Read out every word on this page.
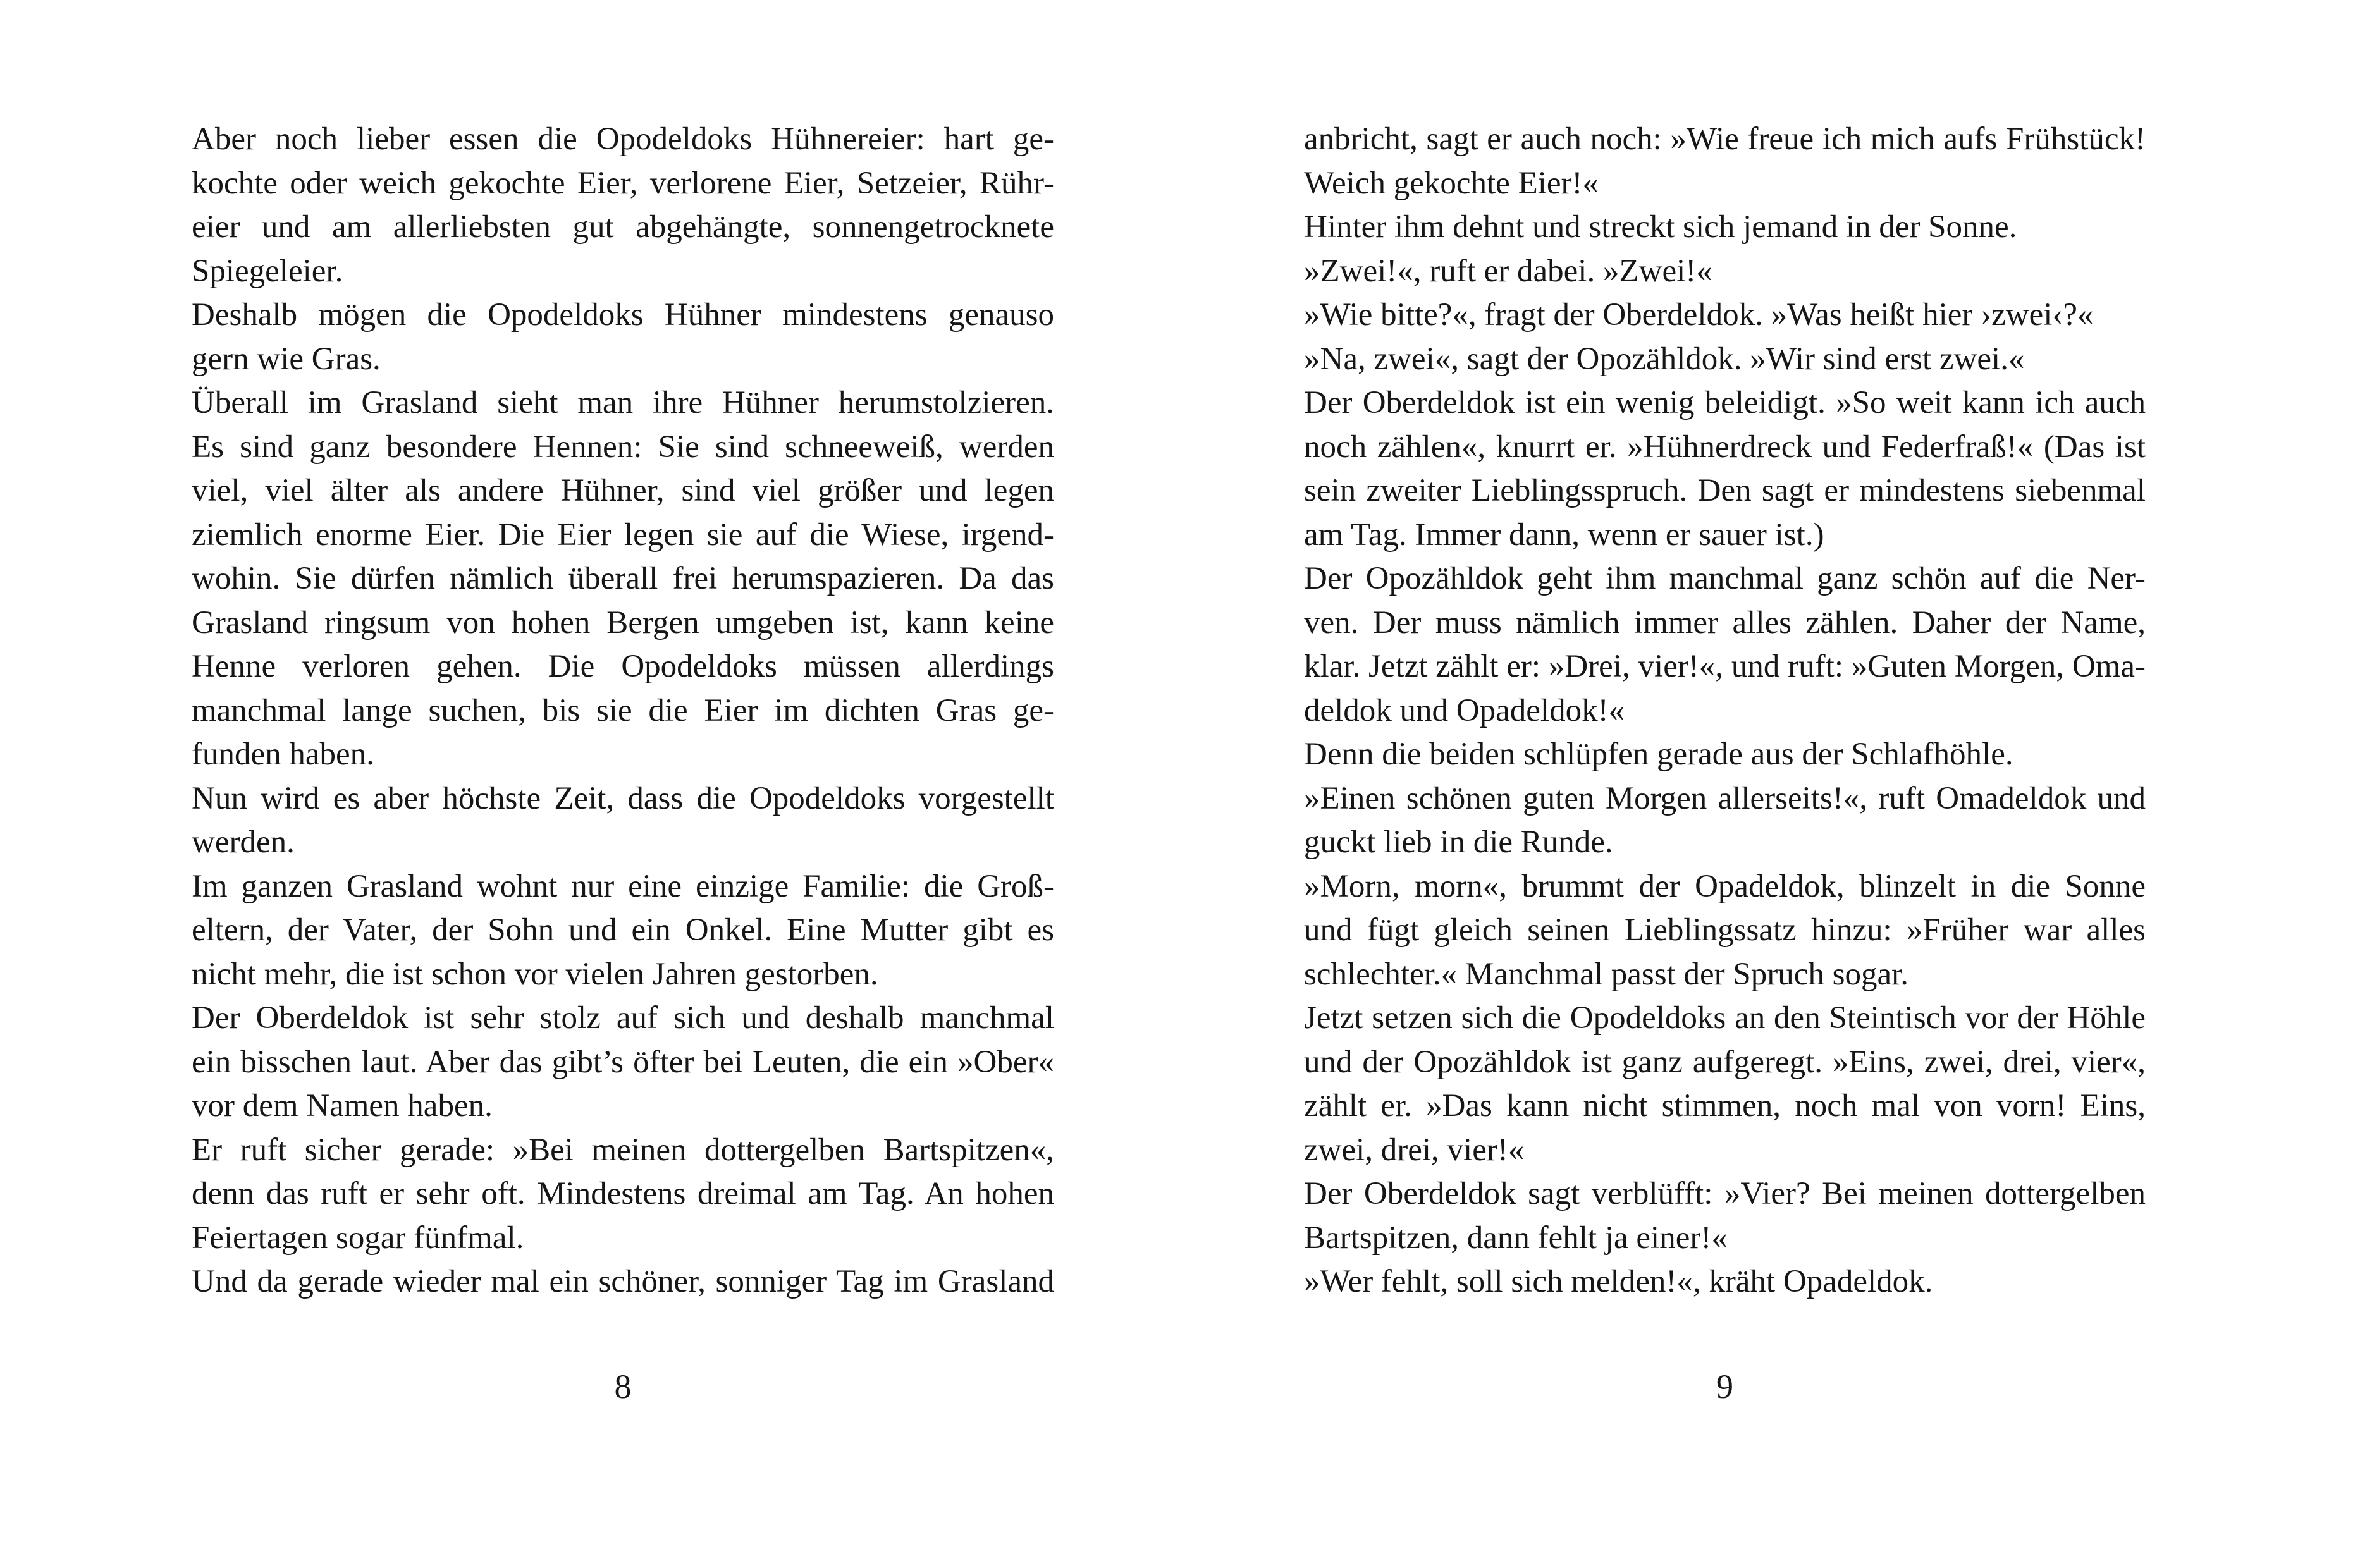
Aber noch lieber essen die Opodeldoks Hühnereier: hart ge-
kochte oder weich gekochte Eier, verlorene Eier, Setzeier, Rühr-
eier und am allerliebsten gut abgehängte, sonnengetrocknete
Spiegeleier.
Deshalb mögen die Opodeldoks Hühner mindestens genauso
gern wie Gras.
Überall im Grasland sieht man ihre Hühner herumstolzieren.
Es sind ganz besondere Hennen: Sie sind schneeweiß, werden
viel, viel älter als andere Hühner, sind viel größer und legen
ziemlich enorme Eier. Die Eier legen sie auf die Wiese, irgend-
wohin. Sie dürfen nämlich überall frei herumspazieren. Da das
Grasland ringsum von hohen Bergen umgeben ist, kann keine
Henne verloren gehen. Die Opodeldoks müssen allerdings
manchmal lange suchen, bis sie die Eier im dichten Gras ge-
funden haben.
Nun wird es aber höchste Zeit, dass die Opodeldoks vorgestellt
werden.
Im ganzen Grasland wohnt nur eine einzige Familie: die Groß-
eltern, der Vater, der Sohn und ein Onkel. Eine Mutter gibt es
nicht mehr, die ist schon vor vielen Jahren gestorben.
Der Oberdeldok ist sehr stolz auf sich und deshalb manchmal
ein bisschen laut. Aber das gibt’s öfter bei Leuten, die ein »Ober«
vor dem Namen haben.
Er ruft sicher gerade: »Bei meinen dottergelben Bartspitzen«,
denn das ruft er sehr oft. Mindestens dreimal am Tag. An hohen
Feiertagen sogar fünfmal.
Und da gerade wieder mal ein schöner, sonniger Tag im Grasland
anbricht, sagt er auch noch: »Wie freue ich mich aufs Frühstück!
Weich gekochte Eier!«
Hinter ihm dehnt und streckt sich jemand in der Sonne.
»Zwei!«, ruft er dabei. »Zwei!«
»Wie bitte?«, fragt der Oberdeldok. »Was heißt hier ›zwei‹?«
»Na, zwei«, sagt der Opozähldok. »Wir sind erst zwei.«
Der Oberdeldok ist ein wenig beleidigt. »So weit kann ich auch
noch zählen«, knurrt er. »Hühnerdreck und Federfraß!« (Das ist
sein zweiter Lieblingsspruch. Den sagt er mindestens siebenmal
am Tag. Immer dann, wenn er sauer ist.)
Der Opozähldok geht ihm manchmal ganz schön auf die Ner-
ven. Der muss nämlich immer alles zählen. Daher der Name,
klar. Jetzt zählt er: »Drei, vier!«, und ruft: »Guten Morgen, Oma-
deldok und Opadeldok!«
Denn die beiden schlüpfen gerade aus der Schlafhöhle.
»Einen schönen guten Morgen allerseits!«, ruft Omadeldok und
guckt lieb in die Runde.
»Morn, morn«, brummt der Opadeldok, blinzelt in die Sonne
und fügt gleich seinen Lieblingssatz hinzu: »Früher war alles
schlechter.« Manchmal passt der Spruch sogar.
Jetzt setzen sich die Opodeldoks an den Steintisch vor der Höhle
und der Opozähldok ist ganz aufgeregt. »Eins, zwei, drei, vier«,
zählt er. »Das kann nicht stimmen, noch mal von vorn! Eins,
zwei, drei, vier!«
Der Oberdeldok sagt verblüfft: »Vier? Bei meinen dottergelben
Bartspitzen, dann fehlt ja einer!«
»Wer fehlt, soll sich melden!«, kräht Opadeldok.
8	9
